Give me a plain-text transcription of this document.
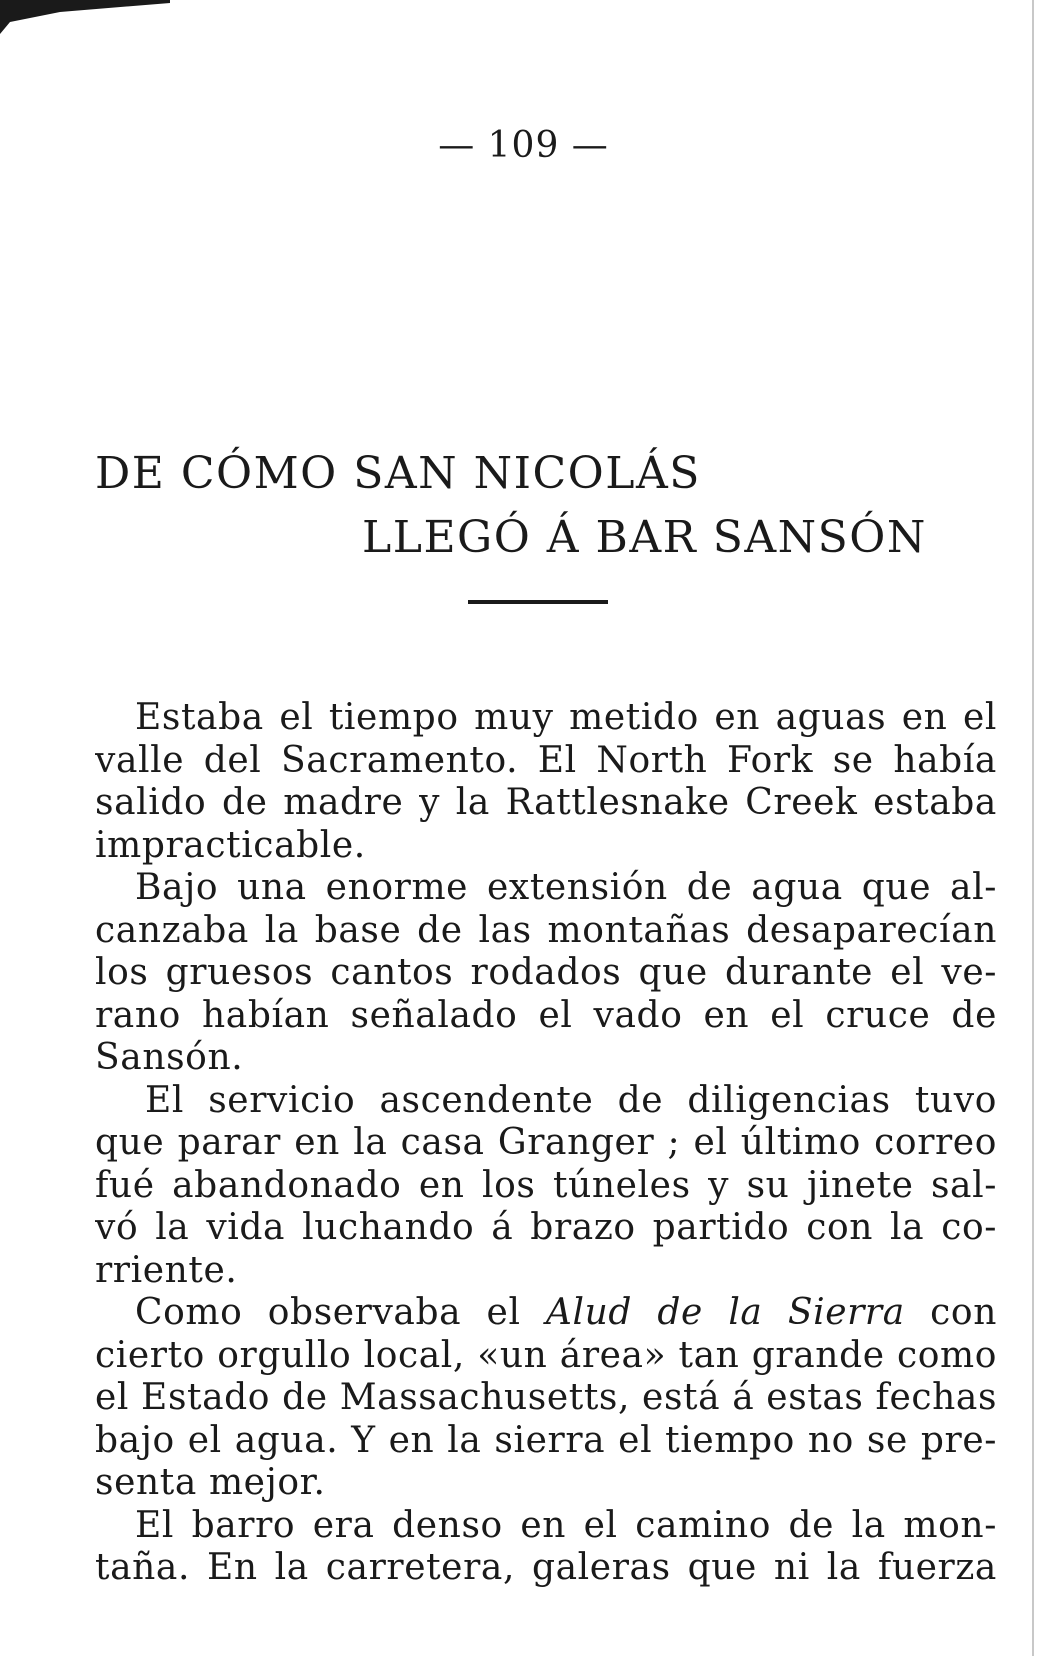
— 109 —
DE CÓMO SAN NICOLÁS
LLEGÓ Á BAR SANSÓN
Estaba el tiempo muy metido en aguas en el
valle del Sacramento. El North Fork se había
salido de madre y la Rattlesnake Creek estaba
impracticable.
Bajo una enorme extensión de agua que al-
canzaba la base de las montañas desaparecían
los gruesos cantos rodados que durante el ve-
rano habían señalado el vado en el cruce de
Sansón.
El servicio ascendente de diligencias tuvo
que parar en la casa Granger ; el último correo
fué abandonado en los túneles y su jinete sal-
vó la vida luchando á brazo partido con la co-
rriente.
Como observaba el Alud de la Sierra con
cierto orgullo local, «un área» tan grande como
el Estado de Massachusetts, está á estas fechas
bajo el agua. Y en la sierra el tiempo no se pre-
senta mejor.
El barro era denso en el camino de la mon-
taña. En la carretera, galeras que ni la fuerza
